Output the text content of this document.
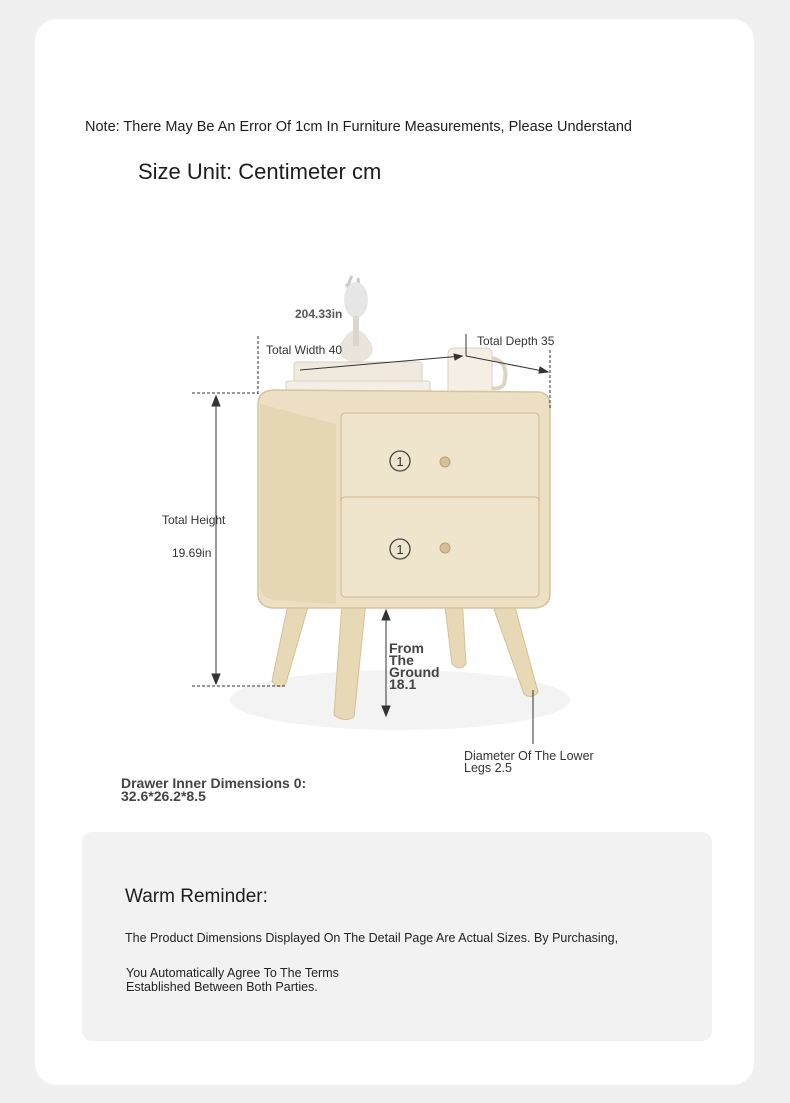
Note: There May Be An Error Of 1cm In Furniture Measurements, Please Understand
Size Unit: Centimeter cm
1
1
204.33in
Total Width 40
Total Depth 35
Total Height
19.69in
From The Ground 18.1
Diameter Of The Lower Legs 2.5
Drawer Inner Dimensions 0: 32.6*26.2*8.5
Warm Reminder:
The Product Dimensions Displayed On The Detail Page Are Actual Sizes. By Purchasing,
You Automatically Agree To The Terms Established Between Both Parties.
